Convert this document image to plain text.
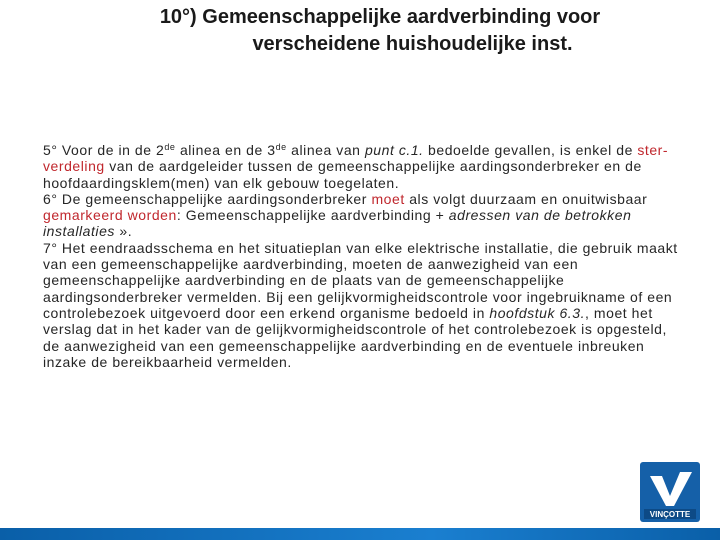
10°) Gemeenschappelijke aardverbinding voor
verscheidene huishoudelijke inst.

5° Voor de in de 2de alinea en de 3de alinea van punt c.1. bedoelde gevallen, is enkel de ster-verdeling van de aardgeleider tussen de gemeenschappelijke aardingsonderbreker en de hoofdaardingsklem(men) van elk gebouw toegelaten.

6° De gemeenschappelijke aardingsonderbreker moet als volgt duurzaam en onuitwisbaar gemarkeerd worden: Gemeenschappelijke aardverbinding + adressen van de betrokken installaties ».

7° Het eendraadsschema en het situatieplan van elke elektrische installatie, die gebruik maakt van een gemeenschappelijke aardverbinding, moeten de aanwezigheid van een gemeenschappelijke aardverbinding en de plaats van de gemeenschappelijke aardingsonderbreker vermelden. Bij een gelijkvormigheidscontrole voor ingebruikname of een controlebezoek uitgevoerd door een erkend organisme bedoeld in hoofdstuk 6.3., moet het verslag dat in het kader van de gelijkvormigheidscontrole of het controlebezoek is opgesteld, de aanwezigheid van een gemeenschappelijke aardverbinding en de eventuele inbreuken inzake de bereikbaarheid vermelden.

VINÇOTTE
